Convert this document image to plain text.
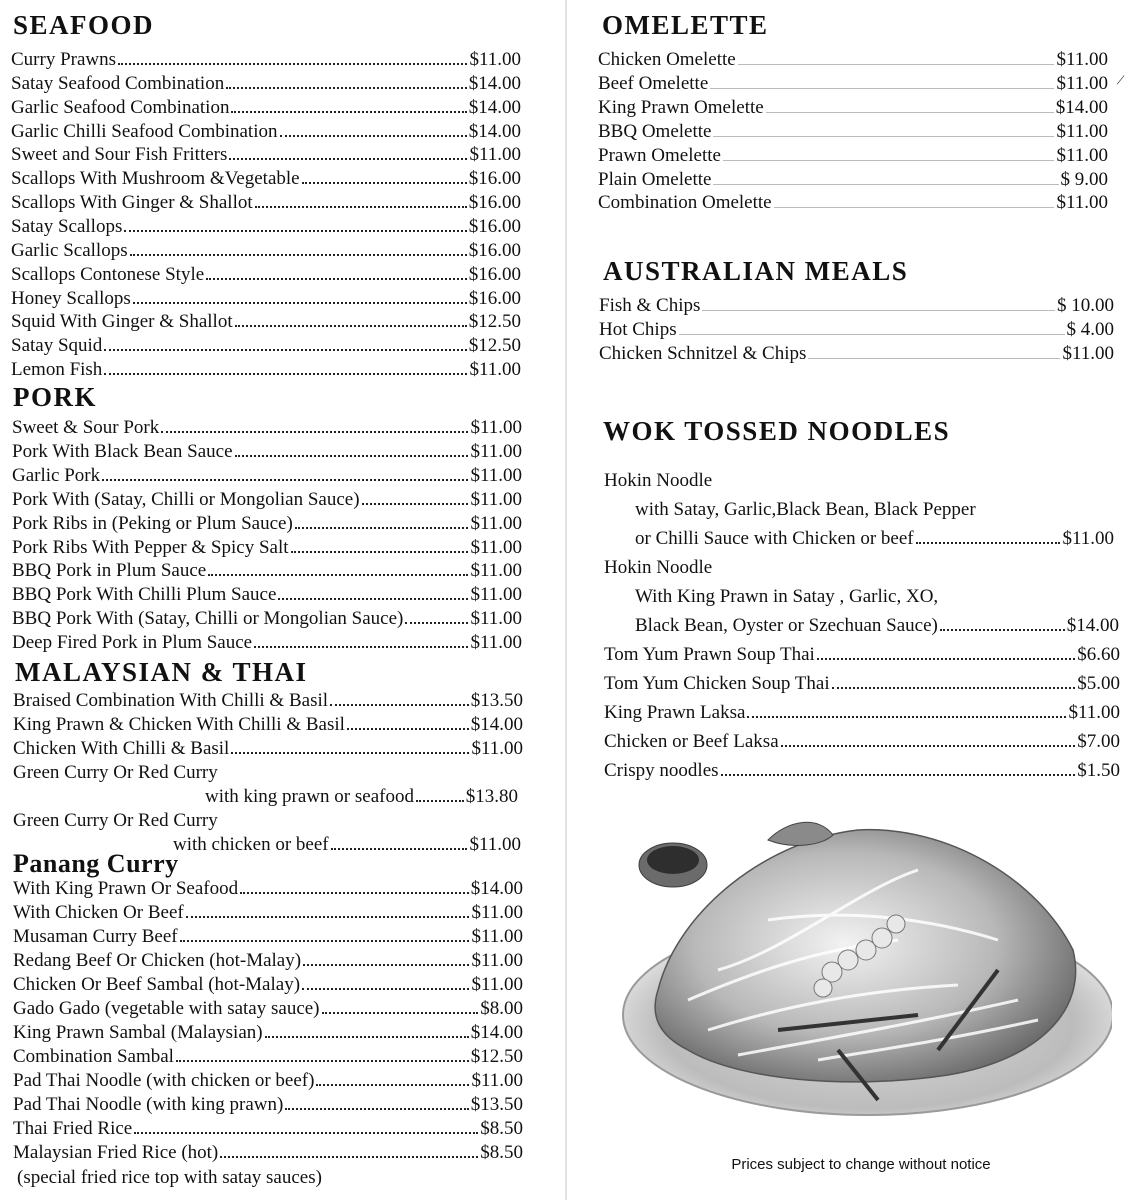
SEAFOOD
Curry Prawns	$11.00
Satay Seafood Combination	$14.00
Garlic Seafood Combination	$14.00
Garlic Chilli Seafood Combination	$14.00
Sweet and Sour Fish Fritters	$11.00
Scallops With Mushroom &Vegetable	$16.00
Scallops With Ginger & Shallot	$16.00
Satay Scallops	$16.00
Garlic Scallops	$16.00
Scallops Contonese Style	$16.00
Honey Scallops	$16.00
Squid With Ginger & Shallot	$12.50
Satay Squid	$12.50
Lemon Fish	$11.00
PORK
Sweet & Sour Pork	$11.00
Pork With Black Bean Sauce	$11.00
Garlic Pork	$11.00
Pork With (Satay, Chilli or Mongolian Sauce)	$11.00
Pork Ribs in (Peking or Plum Sauce)	$11.00
Pork Ribs With Pepper & Spicy Salt	$11.00
BBQ Pork in Plum Sauce	$11.00
BBQ Pork With Chilli Plum Sauce	$11.00
BBQ Pork With (Satay, Chilli or Mongolian Sauce)	$11.00
Deep Fired Pork in Plum Sauce	$11.00
MALAYSIAN & THAI
Braised Combination With Chilli & Basil	$13.50
King Prawn & Chicken With Chilli & Basil	$14.00
Chicken With Chilli & Basil	$11.00
Green Curry Or Red Curry
with king prawn or seafood	$13.80
Green Curry Or Red Curry
with chicken or beef	$11.00
Panang Curry
With King Prawn Or Seafood	$14.00
With Chicken Or Beef	$11.00
Musaman Curry Beef	$11.00
Redang Beef Or Chicken (hot-Malay)	$11.00
Chicken Or Beef Sambal (hot-Malay)	$11.00
Gado Gado (vegetable with satay sauce)	$8.00
King Prawn Sambal (Malaysian)	$14.00
Combination Sambal	$12.50
Pad Thai Noodle (with chicken or beef)	$11.00
Pad Thai Noodle (with king prawn)	$13.50
Thai Fried Rice	$8.50
Malaysian Fried Rice (hot)	$8.50
(special fried rice top with satay sauces)
OMELETTE
Chicken Omelette	$11.00
Beef Omelette	$11.00
King Prawn Omelette	$14.00
BBQ Omelette	$11.00
Prawn Omelette	$11.00
Plain Omelette	$ 9.00
Combination Omelette	$11.00
/
AUSTRALIAN MEALS
Fish & Chips	$ 10.00
Hot Chips	$ 4.00
Chicken Schnitzel & Chips	$11.00
WOK TOSSED NOODLES
Hokin Noodle
with Satay, Garlic,Black Bean, Black Pepper
or Chilli Sauce with Chicken or beef	$11.00
Hokin Noodle
With King Prawn in Satay , Garlic, XO,
Black Bean, Oyster or Szechuan Sauce)	$14.00
Tom Yum Prawn Soup Thai	$6.60
Tom Yum Chicken Soup Thai	$5.00
King Prawn Laksa	$11.00
Chicken or Beef Laksa	$7.00
Crispy noodles	$1.50
Prices subject to change without notice
